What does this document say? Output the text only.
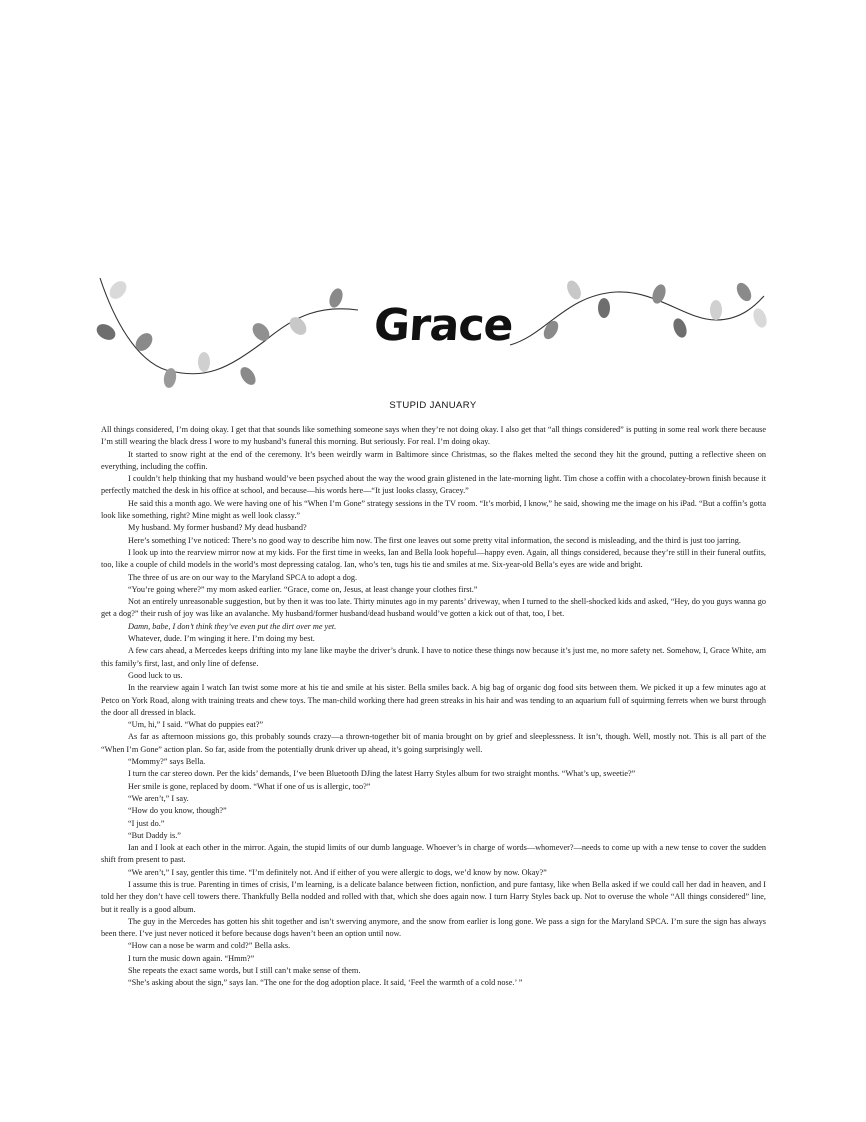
Grace
STUPID JANUARY

All things considered, I’m doing okay. I get that that sounds like something someone says when they’re not doing okay. I also get that “all things considered” is putting in some real work there because I’m still wearing the black dress I wore to my husband’s funeral this morning. But seriously. For real. I’m doing okay.

It started to snow right at the end of the ceremony. It’s been weirdly warm in Baltimore since Christmas, so the flakes melted the second they hit the ground, putting a reflective sheen on everything, including the coffin.

I couldn’t help thinking that my husband would’ve been psyched about the way the wood grain glistened in the late-morning light. Tim chose a coffin with a chocolatey-brown finish because it perfectly matched the desk in his office at school, and because—his words here—“It just looks classy, Gracey.”

He said this a month ago. We were having one of his “When I’m Gone” strategy sessions in the TV room. “It’s morbid, I know,” he said, showing me the image on his iPad. “But a coffin’s gotta look like something, right? Mine might as well look classy.”

My husband. My former husband? My dead husband?

Here’s something I’ve noticed: There’s no good way to describe him now. The first one leaves out some pretty vital information, the second is misleading, and the third is just too jarring.

I look up into the rearview mirror now at my kids. For the first time in weeks, Ian and Bella look hopeful—happy even. Again, all things considered, because they’re still in their funeral outfits, too, like a couple of child models in the world’s most depressing catalog. Ian, who’s ten, tugs his tie and smiles at me. Six-year-old Bella’s eyes are wide and bright.

The three of us are on our way to the Maryland SPCA to adopt a dog.

“You’re going where?” my mom asked earlier. “Grace, come on, Jesus, at least change your clothes first.”

Not an entirely unreasonable suggestion, but by then it was too late. Thirty minutes ago in my parents’ driveway, when I turned to the shell-shocked kids and asked, “Hey, do you guys wanna go get a dog?” their rush of joy was like an avalanche. My husband/former husband/dead husband would’ve gotten a kick out of that, too, I bet.

Damn, babe, I don’t think they’ve even put the dirt over me yet.

Whatever, dude. I’m winging it here. I’m doing my best.

A few cars ahead, a Mercedes keeps drifting into my lane like maybe the driver’s drunk. I have to notice these things now because it’s just me, no more safety net. Somehow, I, Grace White, am this family’s first, last, and only line of defense.

Good luck to us.

In the rearview again I watch Ian twist some more at his tie and smile at his sister. Bella smiles back. A big bag of organic dog food sits between them. We picked it up a few minutes ago at Petco on York Road, along with training treats and chew toys. The man-child working there had green streaks in his hair and was tending to an aquarium full of squirming ferrets when we burst through the door all dressed in black.

“Um, hi,” I said. “What do puppies eat?”

As far as afternoon missions go, this probably sounds crazy—a thrown-together bit of mania brought on by grief and sleeplessness. It isn’t, though. Well, mostly not. This is all part of the “When I’m Gone” action plan. So far, aside from the potentially drunk driver up ahead, it’s going surprisingly well.

“Mommy?” says Bella.

I turn the car stereo down. Per the kids’ demands, I’ve been Bluetooth DJing the latest Harry Styles album for two straight months. “What’s up, sweetie?”

Her smile is gone, replaced by doom. “What if one of us is allergic, too?”

“We aren’t,” I say.

“How do you know, though?”

“I just do.”

“But Daddy is.”

Ian and I look at each other in the mirror. Again, the stupid limits of our dumb language. Whoever’s in charge of words—whomever?—needs to come up with a new tense to cover the sudden shift from present to past.

“We aren’t,” I say, gentler this time. “I’m definitely not. And if either of you were allergic to dogs, we’d know by now. Okay?”

I assume this is true. Parenting in times of crisis, I’m learning, is a delicate balance between fiction, nonfiction, and pure fantasy, like when Bella asked if we could call her dad in heaven, and I told her they don’t have cell towers there. Thankfully Bella nodded and rolled with that, which she does again now. I turn Harry Styles back up. Not to overuse the whole “All things considered” line, but it really is a good album.

The guy in the Mercedes has gotten his shit together and isn’t swerving anymore, and the snow from earlier is long gone. We pass a sign for the Maryland SPCA. I’m sure the sign has always been there. I’ve just never noticed it before because dogs haven’t been an option until now.

“How can a nose be warm and cold?” Bella asks.

I turn the music down again. “Hmm?”

She repeats the exact same words, but I still can’t make sense of them.

“She’s asking about the sign,” says Ian. “The one for the dog adoption place. It said, ‘Feel the warmth of a cold nose.’ ”
